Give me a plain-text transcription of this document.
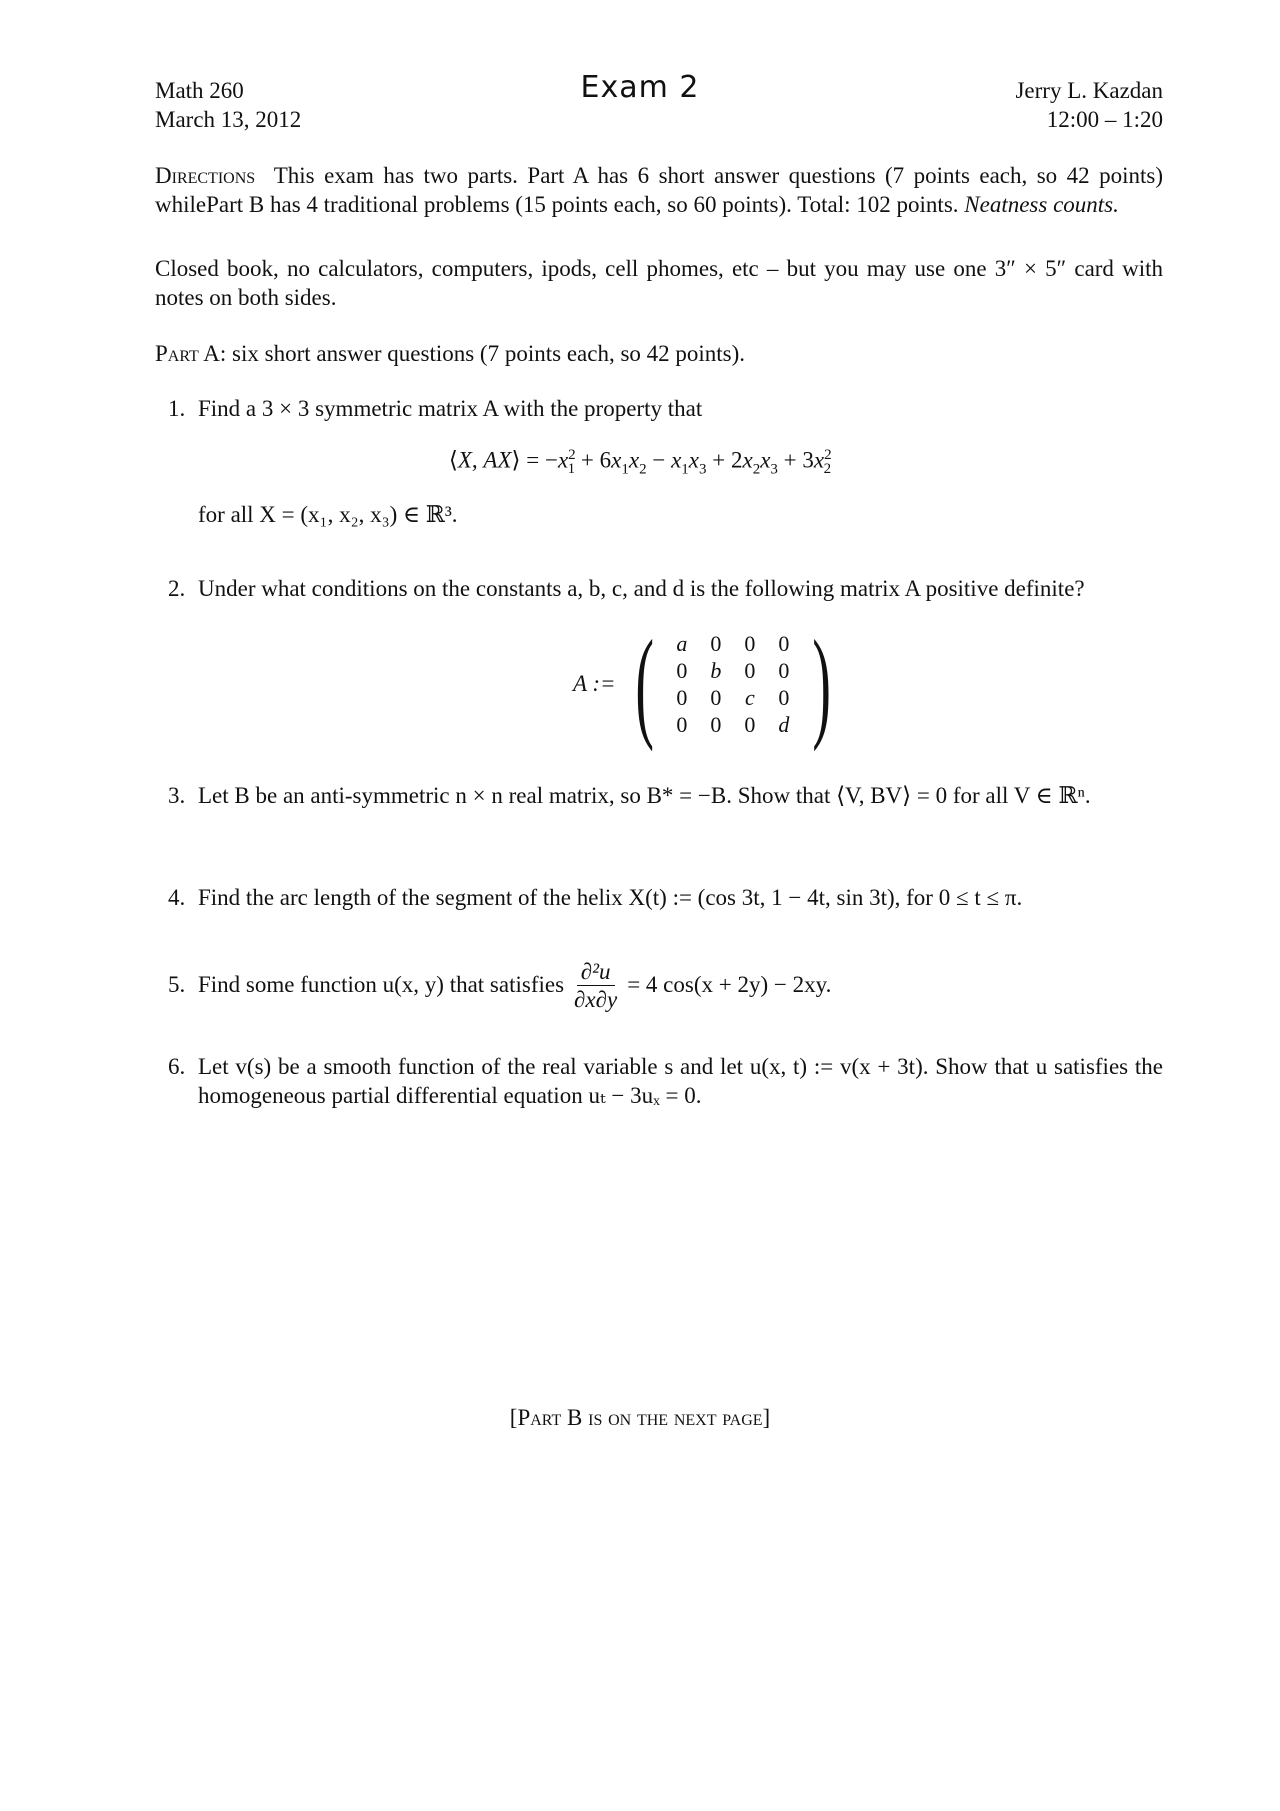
Math 260
March 13, 2012
Exam 2	Jerry L. Kazdan
12:00 – 1:20
Directions This exam has two parts. Part A has 6 short answer questions (7 points each, so 42 points) whilePart B has 4 traditional problems (15 points each, so 60 points). Total: 102 points. Neatness counts.
Closed book, no calculators, computers, ipods, cell phomes, etc – but you may use one 3″ × 5″ card with notes on both sides.
Part A: six short answer questions (7 points each, so 42 points).
1. Find a 3 × 3 symmetric matrix A with the property that
⟨X, AX⟩ = $-x^2_1 + 6x_1x_2 - x_1x_3 + 2x_2x_3 + 3x^2_2$
for all X = (x₁, x₂, x₃) ∈ ℝ³.
2. Under what conditions on the constants a, b, c, and d is the following matrix A positive definite?
A := ( a	0	0	0
0	b	0	0
0	0	c	0
0	0	0	d )
3. Let B be an anti-symmetric n × n real matrix, so B* = −B. Show that ⟨V, BV⟩ = 0 for all V ∈ ℝⁿ.
4. Find the arc length of the segment of the helix X(t) := (cos 3t, 1 − 4t, sin 3t), for 0 ≤ t ≤ π.
5. Find some function u(x, y) that satisfies $\frac{\text{∂²u}}{\partial x\partial y} = 4$ cos(x + 2y) − 2xy.
6. Let v(s) be a smooth function of the real variable s and let u(x, t) := v(x + 3t). Show that u satisfies the homogeneous partial differential equation uₜ − 3uₓ = 0.
[Part B is on the next page]
